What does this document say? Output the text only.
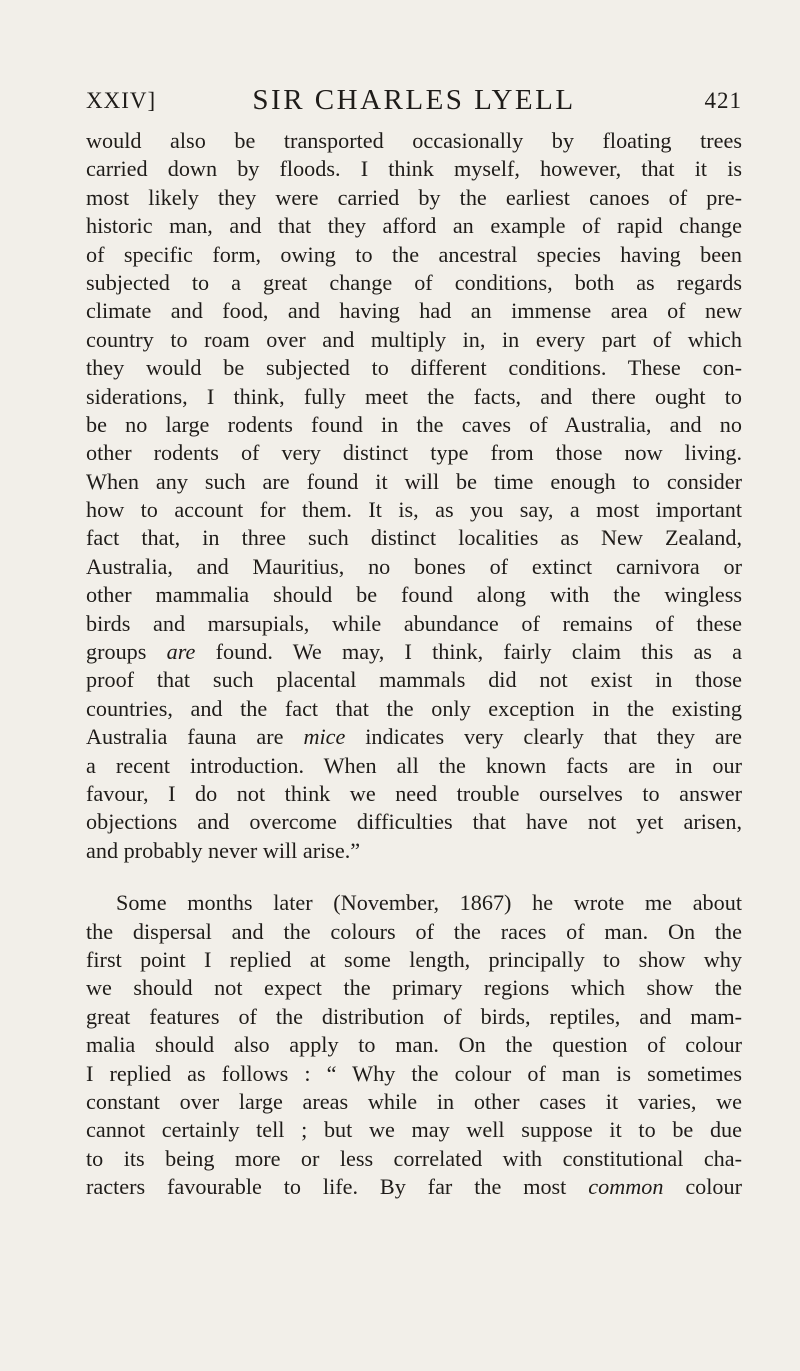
XXIV]	SIR CHARLES LYELL	421
would also be transported occasionally by floating trees
carried down by floods. I think myself, however, that it is
most likely they were carried by the earliest canoes of pre-
historic man, and that they afford an example of rapid change
of specific form, owing to the ancestral species having been
subjected to a great change of conditions, both as regards
climate and food, and having had an immense area of new
country to roam over and multiply in, in every part of which
they would be subjected to different conditions. These con-
siderations, I think, fully meet the facts, and there ought to
be no large rodents found in the caves of Australia, and no
other rodents of very distinct type from those now living.
When any such are found it will be time enough to consider
how to account for them. It is, as you say, a most important
fact that, in three such distinct localities as New Zealand,
Australia, and Mauritius, no bones of extinct carnivora or
other mammalia should be found along with the wingless
birds and marsupials, while abundance of remains of these
groups are found. We may, I think, fairly claim this as a
proof that such placental mammals did not exist in those
countries, and the fact that the only exception in the existing
Australia fauna are mice indicates very clearly that they are
a recent introduction. When all the known facts are in our
favour, I do not think we need trouble ourselves to answer
objections and overcome difficulties that have not yet arisen,
and probably never will arise.”
Some months later (November, 1867) he wrote me about
the dispersal and the colours of the races of man. On the
first point I replied at some length, principally to show why
we should not expect the primary regions which show the
great features of the distribution of birds, reptiles, and mam-
malia should also apply to man. On the question of colour
I replied as follows : “ Why the colour of man is sometimes
constant over large areas while in other cases it varies, we
cannot certainly tell ; but we may well suppose it to be due
to its being more or less correlated with constitutional cha-
racters favourable to life. By far the most common colour
